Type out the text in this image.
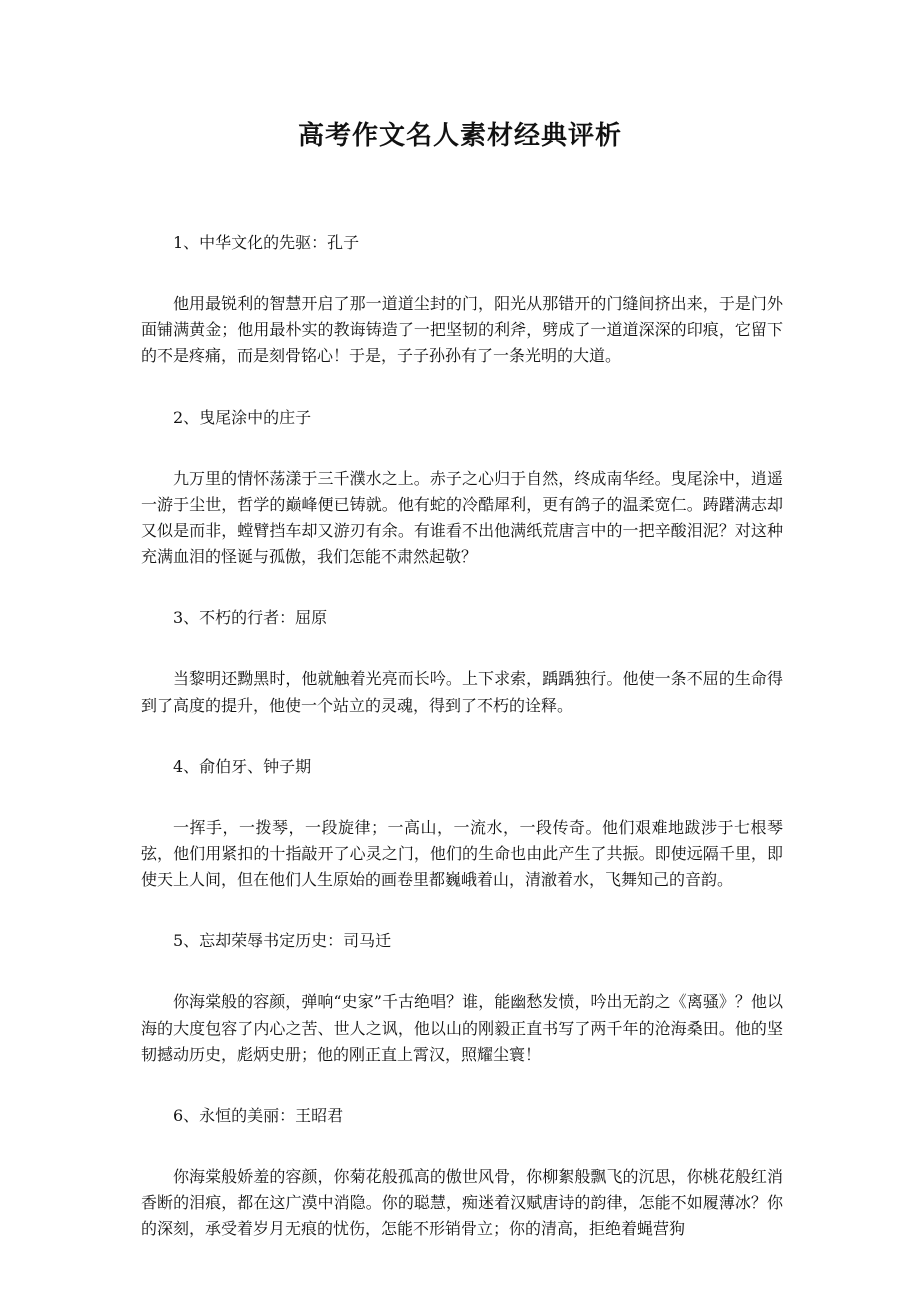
高考作文名人素材经典评析

1、中华文化的先驱：孔子

他用最锐利的智慧开启了那一道道尘封的门，阳光从那错开的门缝间挤出来，于是门外面铺满黄金；他用最朴实的教诲铸造了一把坚韧的利斧，劈成了一道道深深的印痕，它留下的不是疼痛，而是刻骨铭心！于是，子子孙孙有了一条光明的大道。

2、曳尾涂中的庄子

九万里的情怀荡漾于三千濮水之上。赤子之心归于自然，终成南华经。曳尾涂中，逍遥一游于尘世，哲学的巅峰便已铸就。他有蛇的冷酷犀利，更有鸽子的温柔宽仁。踌躇满志却又似是而非，螳臂挡车却又游刃有余。有谁看不出他满纸荒唐言中的一把辛酸泪泥？对这种充满血泪的怪诞与孤傲，我们怎能不肃然起敬？

3、不朽的行者：屈原

当黎明还黝黑时，他就触着光亮而长吟。上下求索，踽踽独行。他使一条不屈的生命得到了高度的提升，他使一个站立的灵魂，得到了不朽的诠释。

4、俞伯牙、钟子期

一挥手，一拨琴，一段旋律；一高山，一流水，一段传奇。他们艰难地跋涉于七根琴弦，他们用紧扣的十指敲开了心灵之门，他们的生命也由此产生了共振。即使远隔千里，即使天上人间，但在他们人生原始的画卷里都巍峨着山，清澈着水，飞舞知己的音韵。

5、忘却荣辱书定历史：司马迁

你海棠般的容颜，弹响“史家”千古绝唱？谁，能幽愁发愤，吟出无韵之《离骚》？他以海的大度包容了内心之苦、世人之讽，他以山的刚毅正直书写了两千年的沧海桑田。他的坚韧撼动历史，彪炳史册；他的刚正直上霄汉，照耀尘寰！

6、永恒的美丽：王昭君

你海棠般娇羞的容颜，你菊花般孤高的傲世风骨，你柳絮般飘飞的沉思，你桃花般红消香断的泪痕，都在这广漠中消隐。你的聪慧，痴迷着汉赋唐诗的韵律，怎能不如履薄冰？你的深刻，承受着岁月无痕的忧伤，怎能不形销骨立；你的清高，拒绝着蝇营狗
